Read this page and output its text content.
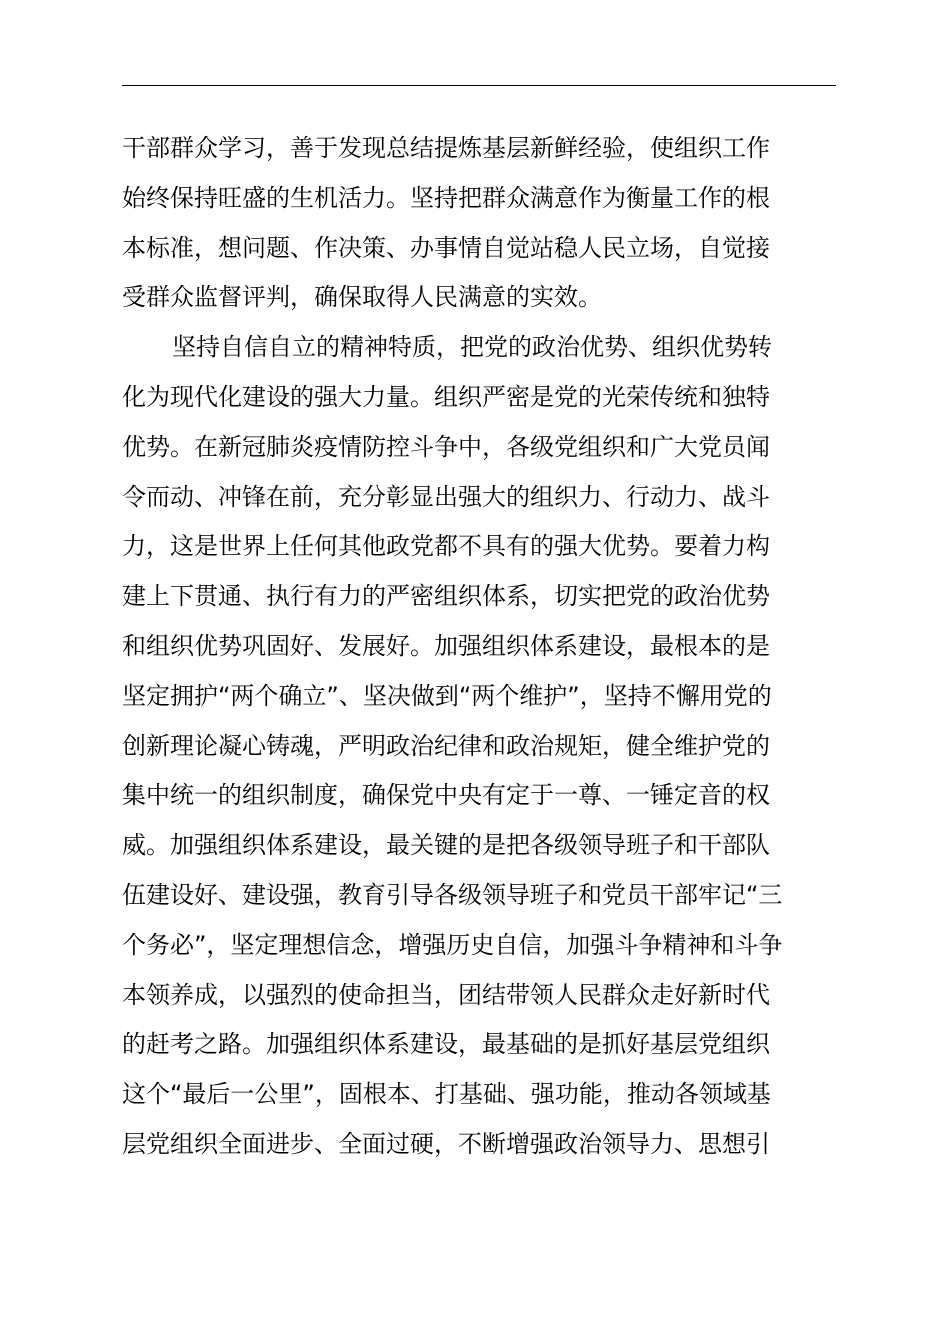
干部群众学习，善于发现总结提炼基层新鲜经验，使组织工作
始终保持旺盛的生机活力。坚持把群众满意作为衡量工作的根
本标准，想问题、作决策、办事情自觉站稳人民立场，自觉接
受群众监督评判，确保取得人民满意的实效。
坚持自信自立的精神特质，把党的政治优势、组织优势转
化为现代化建设的强大力量。组织严密是党的光荣传统和独特
优势。在新冠肺炎疫情防控斗争中，各级党组织和广大党员闻
令而动、冲锋在前，充分彰显出强大的组织力、行动力、战斗
力，这是世界上任何其他政党都不具有的强大优势。要着力构
建上下贯通、执行有力的严密组织体系，切实把党的政治优势
和组织优势巩固好、发展好。加强组织体系建设，最根本的是
坚定拥护“两个确立”、坚决做到“两个维护”，坚持不懈用党的
创新理论凝心铸魂，严明政治纪律和政治规矩，健全维护党的
集中统一的组织制度，确保党中央有定于一尊、一锤定音的权
威。加强组织体系建设，最关键的是把各级领导班子和干部队
伍建设好、建设强，教育引导各级领导班子和党员干部牢记“三
个务必”，坚定理想信念，增强历史自信，加强斗争精神和斗争
本领养成，以强烈的使命担当，团结带领人民群众走好新时代
的赶考之路。加强组织体系建设，最基础的是抓好基层党组织
这个“最后一公里”，固根本、打基础、强功能，推动各领域基
层党组织全面进步、全面过硬，不断增强政治领导力、思想引
